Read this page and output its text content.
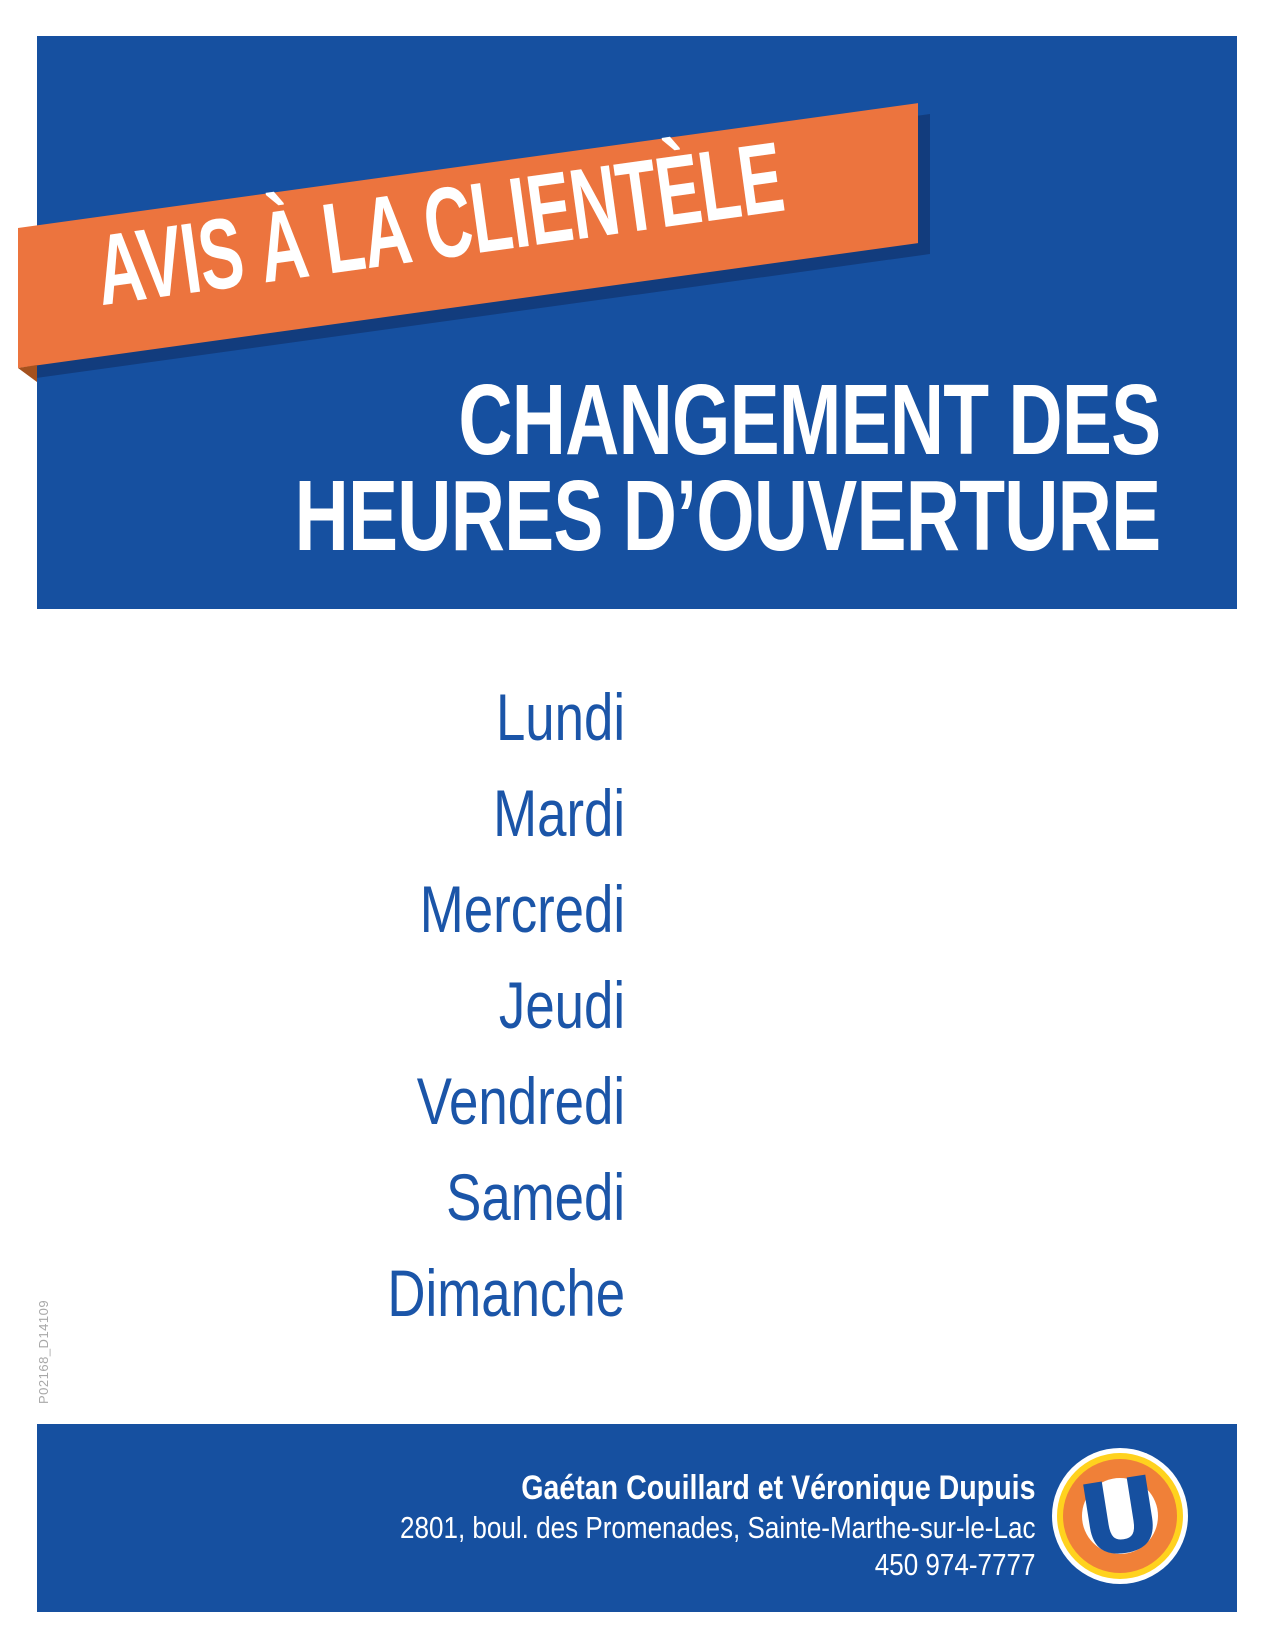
CHANGEMENT DES
HEURES D’OUVERTURE
AVIS À LA CLIENTÈLE
Lundi
Mardi
Mercredi
Jeudi
Vendredi
Samedi
Dimanche
P02168_D14109
Gaétan Couillard et Véronique Dupuis
2801, boul. des Promenades, Sainte-Marthe-sur-le-Lac
450 974-7777 U
